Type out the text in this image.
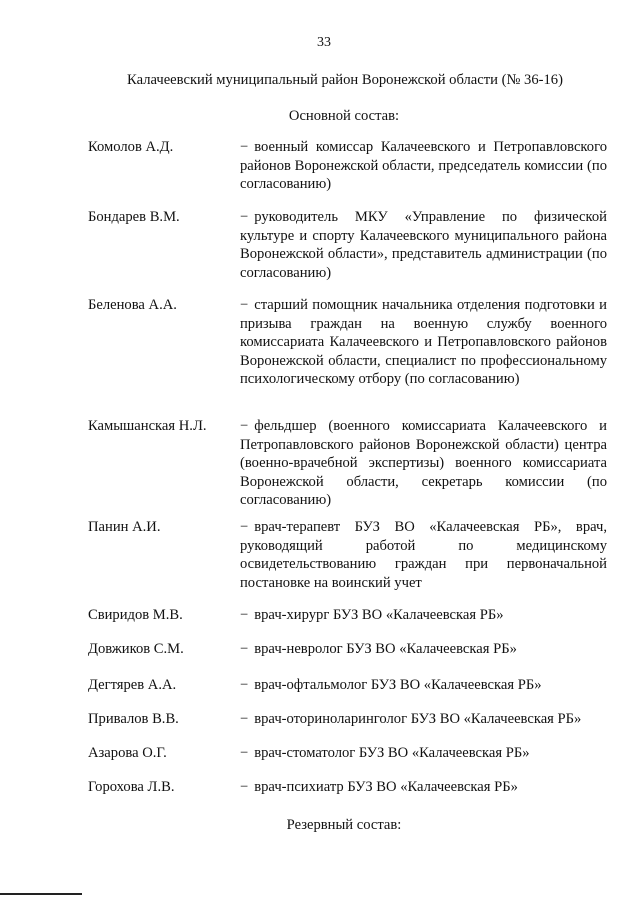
33
Калачеевский муниципальный район Воронежской области (№ 36-16)
Основной состав:
Комолов А.Д.	− военный комиссар Калачеевского и Петропавловского районов Воронежской области, председатель комиссии (по согласованию)
Бондарев В.М.	− руководитель МКУ «Управление по физической культуре и спорту Калачеевского муниципального района Воронежской области», представитель администрации (по согласованию)
Беленова А.А.	− старший помощник начальника отделения подготовки и призыва граждан на военную службу военного комиссариата Калачеевского и Петропавловского районов Воронежской области, специалист по профессиональному психологическому отбору (по согласованию)
Камышанская Н.Л. − фельдшер (военного комиссариата Калачеевского и Петропавловского районов Воронежской области) центра (военно-врачебной экспертизы) военного комиссариата Воронежской области, секретарь комиссии (по согласованию)
Панин А.И.	− врач-терапевт БУЗ ВО «Калачеевская РБ», врач, руководящий работой по медицинскому освидетельствованию граждан при первоначальной постановке на воинский учет
Свиридов М.В.	− врач-хирург БУЗ ВО «Калачеевская РБ»
Довжиков С.М.	− врач-невролог БУЗ ВО «Калачеевская РБ»
Дегтярев А.А.	− врач-офтальмолог БУЗ ВО «Калачеевская РБ»
Привалов В.В.	− врач-оториноларинголог БУЗ ВО «Калачеевская РБ»
Азарова О.Г.	− врач-стоматолог БУЗ ВО «Калачеевская РБ»
Горохова Л.В.	− врач-психиатр БУЗ ВО «Калачеевская РБ»
Резервный состав:
